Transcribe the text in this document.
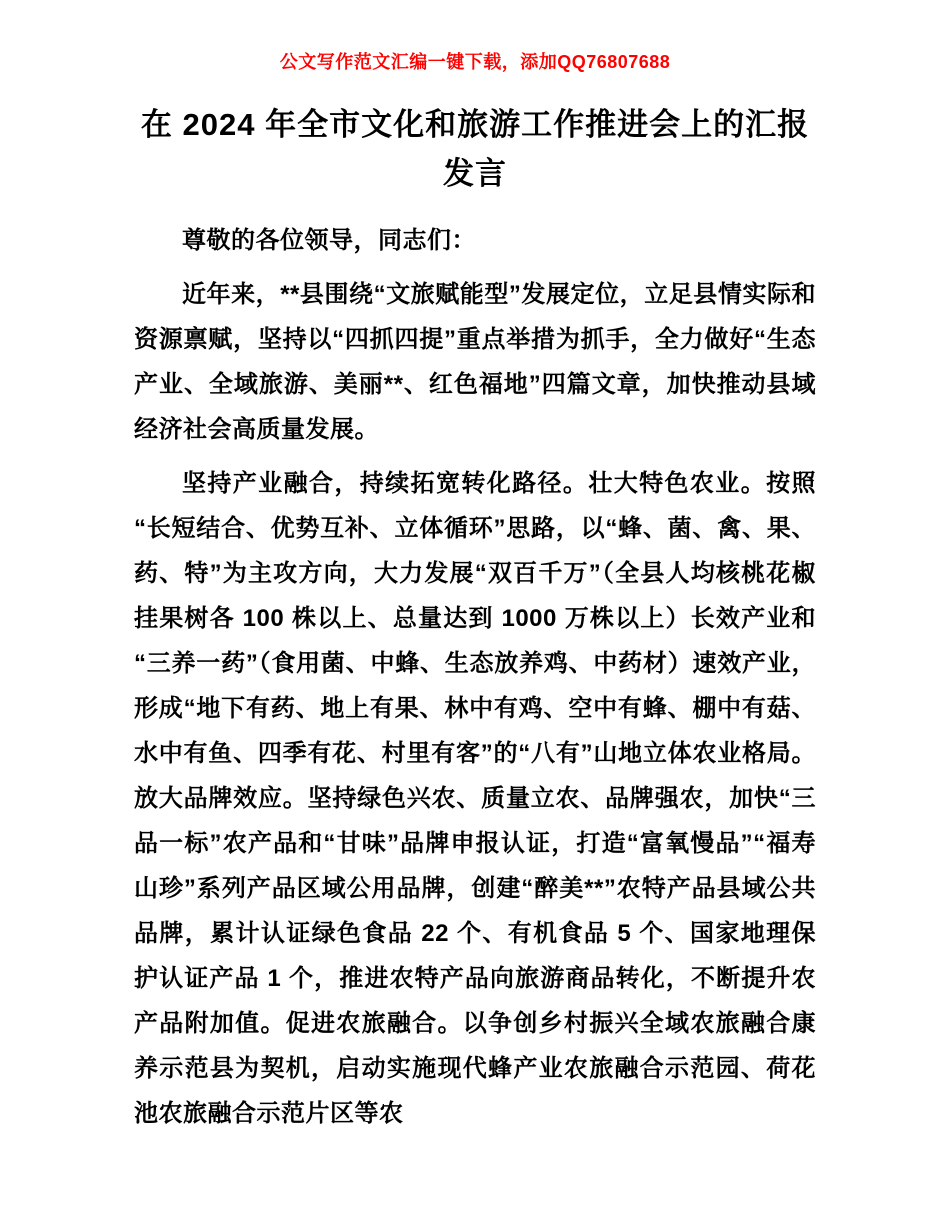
公文写作范文汇编一键下载，添加QQ76807688
在 2024 年全市文化和旅游工作推进会上的汇报发言

尊敬的各位领导，同志们：

近年来，**县围绕“文旅赋能型”发展定位，立足县情实际和资源禀赋，坚持以“四抓四提”重点举措为抓手，全力做好“生态产业、全域旅游、美丽**、红色福地”四篇文章，加快推动县域经济社会高质量发展。

坚持产业融合，持续拓宽转化路径。壮大特色农业。按照“长短结合、优势互补、立体循环”思路，以“蜂、菌、禽、果、药、特”为主攻方向，大力发展“双百千万”（全县人均核桃花椒挂果树各 100 株以上、总量达到 1000 万株以上）长效产业和“三养一药”（食用菌、中蜂、生态放养鸡、中药材）速效产业，形成“地下有药、地上有果、林中有鸡、空中有蜂、棚中有菇、水中有鱼、四季有花、村里有客”的“八有”山地立体农业格局。放大品牌效应。坚持绿色兴农、质量立农、品牌强农，加快“三品一标”农产品和“甘味”品牌申报认证，打造“富氧慢品”“福寿山珍”系列产品区域公用品牌，创建“醉美**”农特产品县域公共品牌，累计认证绿色食品 22 个、有机食品 5 个、国家地理保护认证产品 1 个，推进农特产品向旅游商品转化，不断提升农产品附加值。促进农旅融合。以争创乡村振兴全域农旅融合康养示范县为契机，启动实施现代蜂产业农旅融合示范园、荷花池农旅融合示范片区等农
